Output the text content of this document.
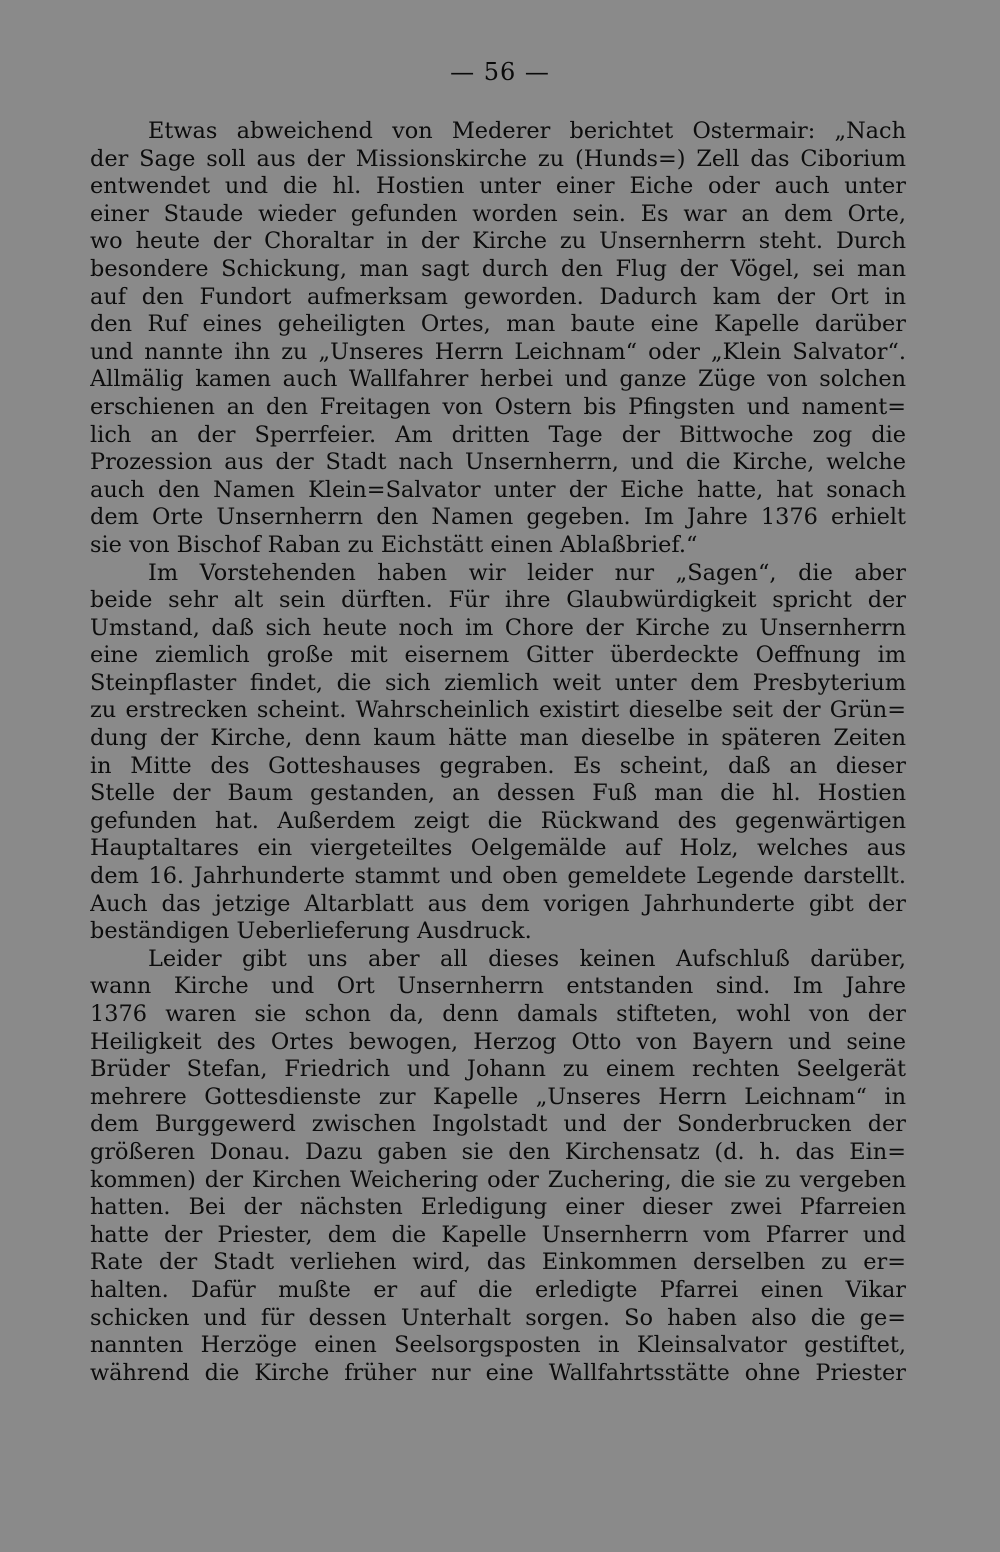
— 56 —
Etwas abweichend von Mederer berichtet Ostermair: „Nach
der Sage soll aus der Missionskirche zu (Hunds=) Zell das Ciborium
entwendet und die hl. Hostien unter einer Eiche oder auch unter
einer Staude wieder gefunden worden sein. Es war an dem Orte,
wo heute der Choraltar in der Kirche zu Unsernherrn steht. Durch
besondere Schickung, man sagt durch den Flug der Vögel, sei man
auf den Fundort aufmerksam geworden. Dadurch kam der Ort in
den Ruf eines geheiligten Ortes, man baute eine Kapelle darüber
und nannte ihn zu „Unseres Herrn Leichnam“ oder „Klein Salvator“.
Allmälig kamen auch Wallfahrer herbei und ganze Züge von solchen
erschienen an den Freitagen von Ostern bis Pfingsten und nament=
lich an der Sperrfeier. Am dritten Tage der Bittwoche zog die
Prozession aus der Stadt nach Unsernherrn, und die Kirche, welche
auch den Namen Klein=Salvator unter der Eiche hatte, hat sonach
dem Orte Unsernherrn den Namen gegeben. Im Jahre 1376 erhielt
sie von Bischof Raban zu Eichstätt einen Ablaßbrief.“
Im Vorstehenden haben wir leider nur „Sagen“, die aber
beide sehr alt sein dürften. Für ihre Glaubwürdigkeit spricht der
Umstand, daß sich heute noch im Chore der Kirche zu Unsernherrn
eine ziemlich große mit eisernem Gitter überdeckte Oeffnung im
Steinpflaster findet, die sich ziemlich weit unter dem Presbyterium
zu erstrecken scheint. Wahrscheinlich existirt dieselbe seit der Grün=
dung der Kirche, denn kaum hätte man dieselbe in späteren Zeiten
in Mitte des Gotteshauses gegraben. Es scheint, daß an dieser
Stelle der Baum gestanden, an dessen Fuß man die hl. Hostien
gefunden hat. Außerdem zeigt die Rückwand des gegenwärtigen
Hauptaltares ein viergeteiltes Oelgemälde auf Holz, welches aus
dem 16. Jahrhunderte stammt und oben gemeldete Legende darstellt.
Auch das jetzige Altarblatt aus dem vorigen Jahrhunderte gibt der
beständigen Ueberlieferung Ausdruck.
Leider gibt uns aber all dieses keinen Aufschluß darüber,
wann Kirche und Ort Unsernherrn entstanden sind. Im Jahre
1376 waren sie schon da, denn damals stifteten, wohl von der
Heiligkeit des Ortes bewogen, Herzog Otto von Bayern und seine
Brüder Stefan, Friedrich und Johann zu einem rechten Seelgerät
mehrere Gottesdienste zur Kapelle „Unseres Herrn Leichnam“ in
dem Burggewerd zwischen Ingolstadt und der Sonderbrucken der
größeren Donau. Dazu gaben sie den Kirchensatz (d. h. das Ein=
kommen) der Kirchen Weichering oder Zuchering, die sie zu vergeben
hatten. Bei der nächsten Erledigung einer dieser zwei Pfarreien
hatte der Priester, dem die Kapelle Unsernherrn vom Pfarrer und
Rate der Stadt verliehen wird, das Einkommen derselben zu er=
halten. Dafür mußte er auf die erledigte Pfarrei einen Vikar
schicken und für dessen Unterhalt sorgen. So haben also die ge=
nannten Herzöge einen Seelsorgsposten in Kleinsalvator gestiftet,
während die Kirche früher nur eine Wallfahrtsstätte ohne Priester
